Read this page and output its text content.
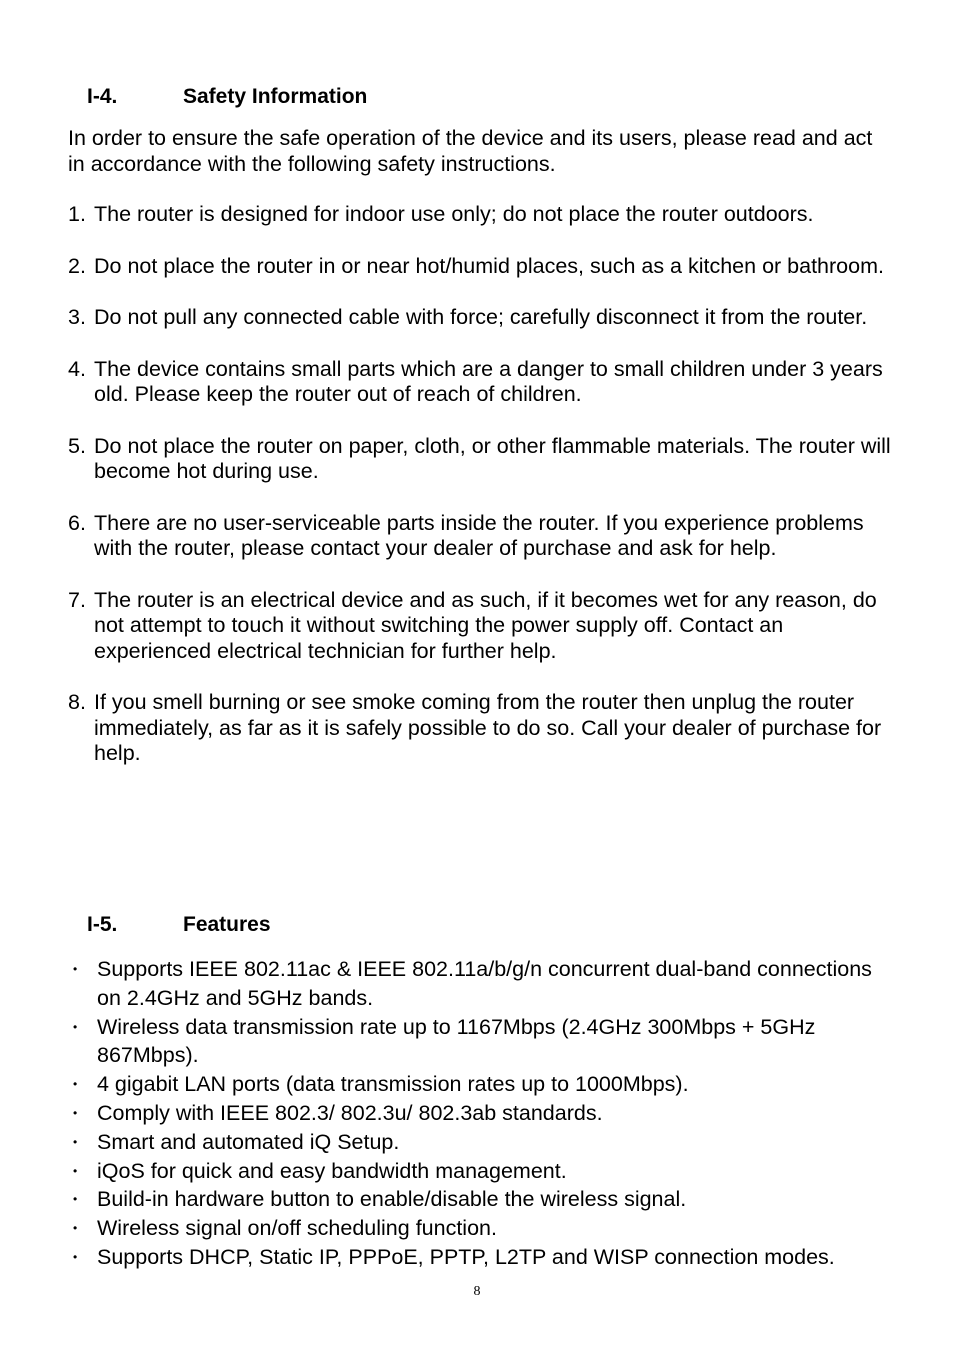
I-4.	Safety Information

In order to ensure the safe operation of the device and its users, please read and act in accordance with the following safety instructions.

1. The router is designed for indoor use only; do not place the router outdoors.
2. Do not place the router in or near hot/humid places, such as a kitchen or bathroom.
3. Do not pull any connected cable with force; carefully disconnect it from the router.
4. The device contains small parts which are a danger to small children under 3 years old. Please keep the router out of reach of children.
5. Do not place the router on paper, cloth, or other flammable materials. The router will become hot during use.
6. There are no user-serviceable parts inside the router. If you experience problems with the router, please contact your dealer of purchase and ask for help.
7. The router is an electrical device and as such, if it becomes wet for any reason, do not attempt to touch it without switching the power supply off. Contact an experienced electrical technician for further help.
8. If you smell burning or see smoke coming from the router then unplug the router immediately, as far as it is safely possible to do so. Call your dealer of purchase for help.
I-5.	Features
• Supports IEEE 802.11ac & IEEE 802.11a/b/g/n concurrent dual-band connections on 2.4GHz and 5GHz bands.
• Wireless data transmission rate up to 1167Mbps (2.4GHz 300Mbps + 5GHz 867Mbps).
• 4 gigabit LAN ports (data transmission rates up to 1000Mbps).
• Comply with IEEE 802.3/ 802.3u/ 802.3ab standards.
• Smart and automated iQ Setup.
• iQoS for quick and easy bandwidth management.
• Build-in hardware button to enable/disable the wireless signal.
• Wireless signal on/off scheduling function.
• Supports DHCP, Static IP, PPPoE, PPTP, L2TP and WISP connection modes.
8
